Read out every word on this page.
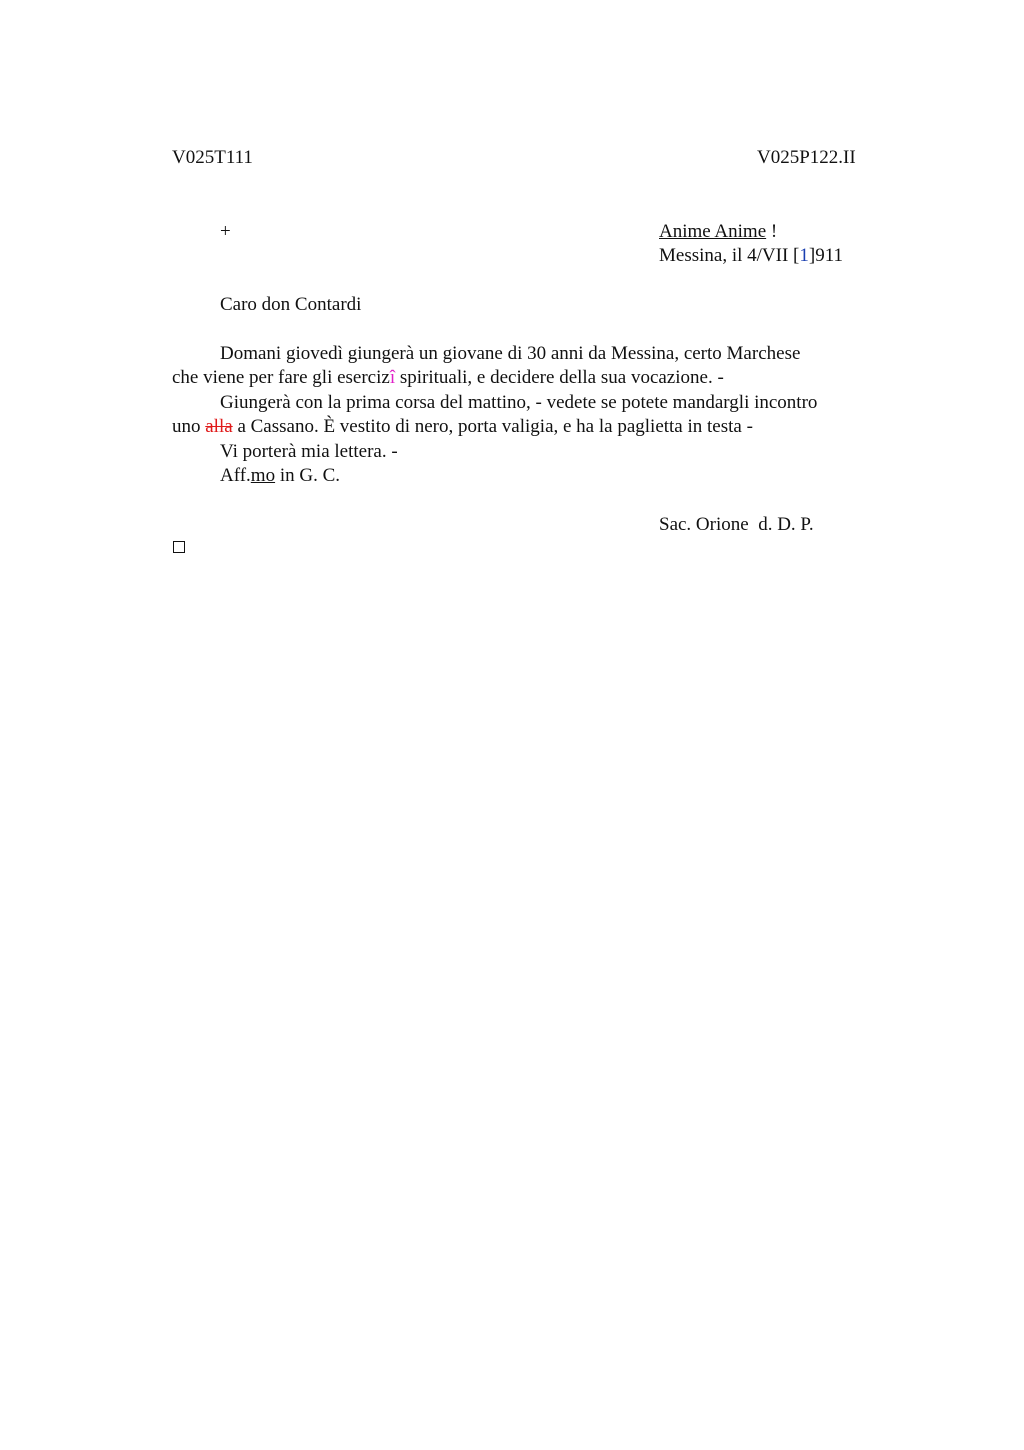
V025T111	V025P122.II
+	Anime Anime !
Messina, il 4/VII [1]911
Caro don Contardi
Domani giovedì giungerà un giovane di 30 anni da Messina, certo Marchese
che viene per fare gli esercizî spirituali, e decidere della sua vocazione. -
Giungerà con la prima corsa del mattino, - vedete se potete mandargli incontro
uno alla a Cassano. È vestito di nero, porta valigia, e ha la paglietta in testa -
Vi porterà mia lettera. -
Aff.mo in G. C.
Sac. Orione  d. D. P.
